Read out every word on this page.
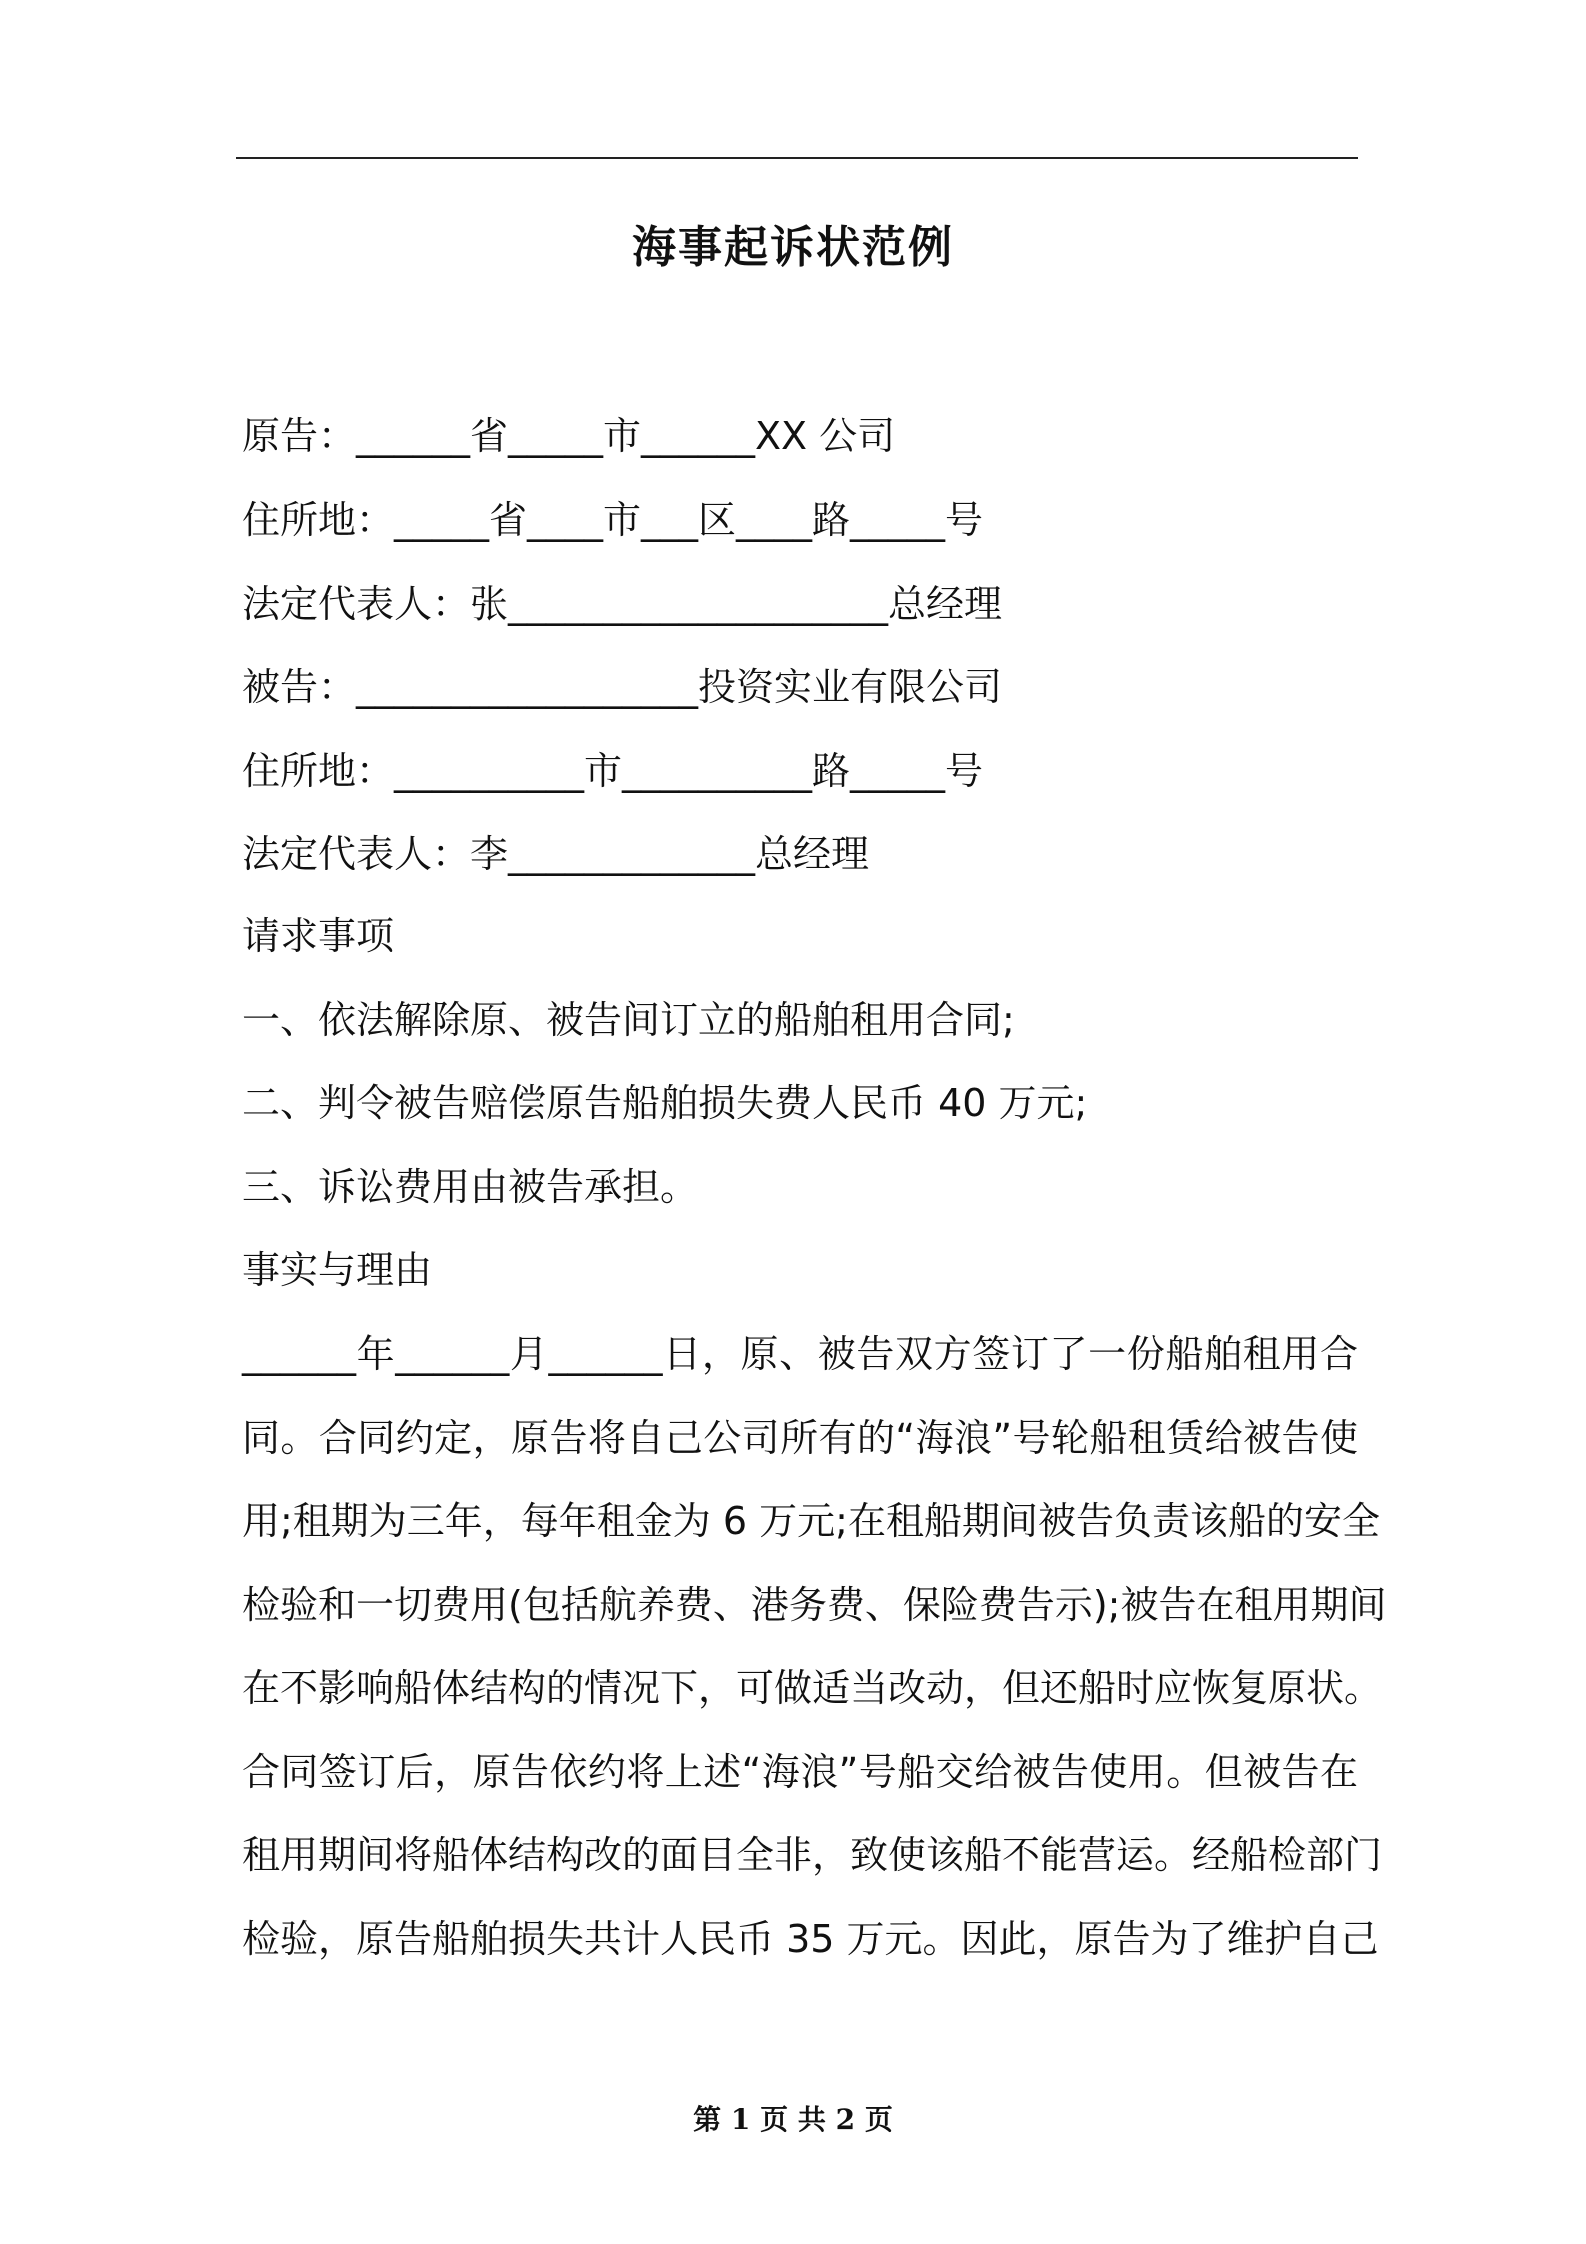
海事起诉状范例
原告：______省_____市______XX 公司
住所地：_____省____市___区____路_____号
法定代表人：张____________________总经理
被告：__________________投资实业有限公司
住所地：__________市__________路_____号
法定代表人：李_____________总经理
请求事项
一、依法解除原、被告间订立的船舶租用合同;
二、判令被告赔偿原告船舶损失费人民币 40 万元;
三、诉讼费用由被告承担。
事实与理由
______年______月______日，原、被告双方签订了一份船舶租用合
同。合同约定，原告将自己公司所有的“海浪”号轮船租赁给被告使
用;租期为三年，每年租金为 6 万元;在租船期间被告负责该船的安全
检验和一切费用(包括航养费、港务费、保险费告示);被告在租用期间
在不影响船体结构的情况下，可做适当改动，但还船时应恢复原状。
合同签订后，原告依约将上述“海浪”号船交给被告使用。但被告在
租用期间将船体结构改的面目全非，致使该船不能营运。经船检部门
检验，原告船舶损失共计人民币 35 万元。因此，原告为了维护自己
第 1 页 共 2 页
